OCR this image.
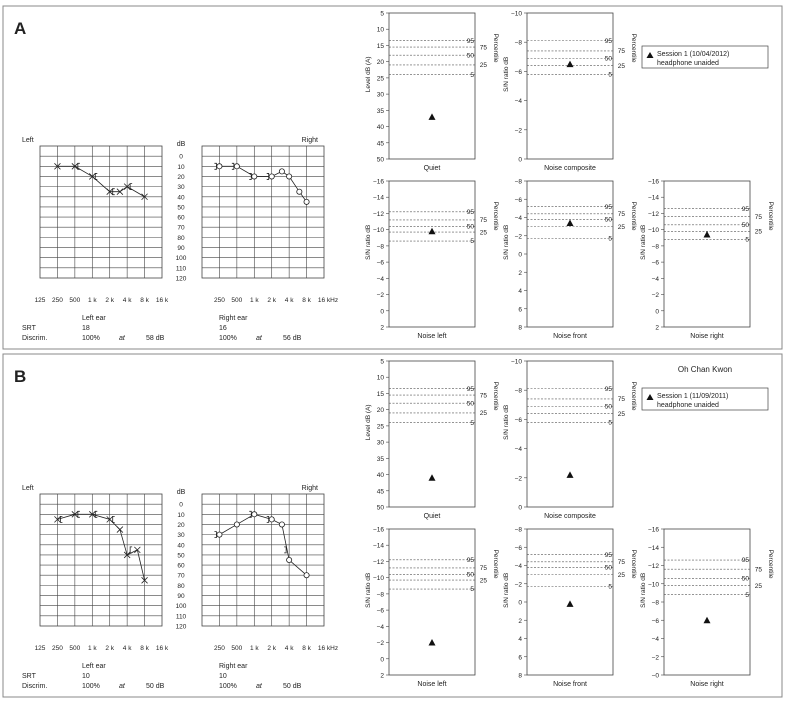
A
Left	Right
dB
0
10
20
30
40
50
60
70
80
90
100
110
120
125 250 500 1 k 2 k 4 k 8 k 16 k	250 500 1 k 2 k 4 k 8 k 16 kHz
Left ear	Right ear
SRT	18	16
Discrim.	100%	at	58 dB	100%	at	56 dB
5
10
15
20
25
30
35
40
45
50
Level dB (A)
95
75
50
25
5
Percentile
Quiet
−10
−8
−6
−4
−2
0
S/N ratio dB
95
75
50
25
5
Percentile
Noise composite
−16
−14
−12
−10
−8
−6
−4
−2
0
2
S/N ratio dB
95
75
50
25
5
Percentile
Noise left
−8
−6
−4
−2
0
2
4
6
8
S/N ratio dB
95
75
50
25
5
Percentile
Noise front
−16
−14
−12
−10
−8
−6
−4
−2
0
2
S/N ratio dB
95
75
50
25
5
Percentile
Noise right
Session 1 (10/04/2012)
headphone unaided
B
Left	Right
dB
0
10
20
30
40
50
60
70
80
90
100
110
120
125 250 500 1 k 2 k 4 k 8 k 16 k	250 500 1 k 2 k 4 k 8 k 16 kHz
Left ear	Right ear
SRT	10	10
Discrim.	100%	at	50 dB	100%	at	50 dB
5
10
15
20
25
30
35
40
45
50
Level dB (A)
95
75
50
25
5
Percentile
Quiet
−10
−8
−6
−4
−2
0
S/N ratio dB
95
75
50
25
5
Percentile
Noise composite
−16
−14
−12
−10
−8
−6
−4
−2
0
2
S/N ratio dB
95
75
50
25
5
Percentile
Noise left
−8
−6
−4
−2
0
2
4
6
8
S/N ratio dB
95
75
50
25
5
Percentile
Noise front
−16
−14
−12
−10
−8
−6
−4
−2
−0
S/N ratio dB
95
75
50
25
5
Percentile
Noise right
Oh Chan Kwon
Session 1 (11/09/2011)
headphone unaided
